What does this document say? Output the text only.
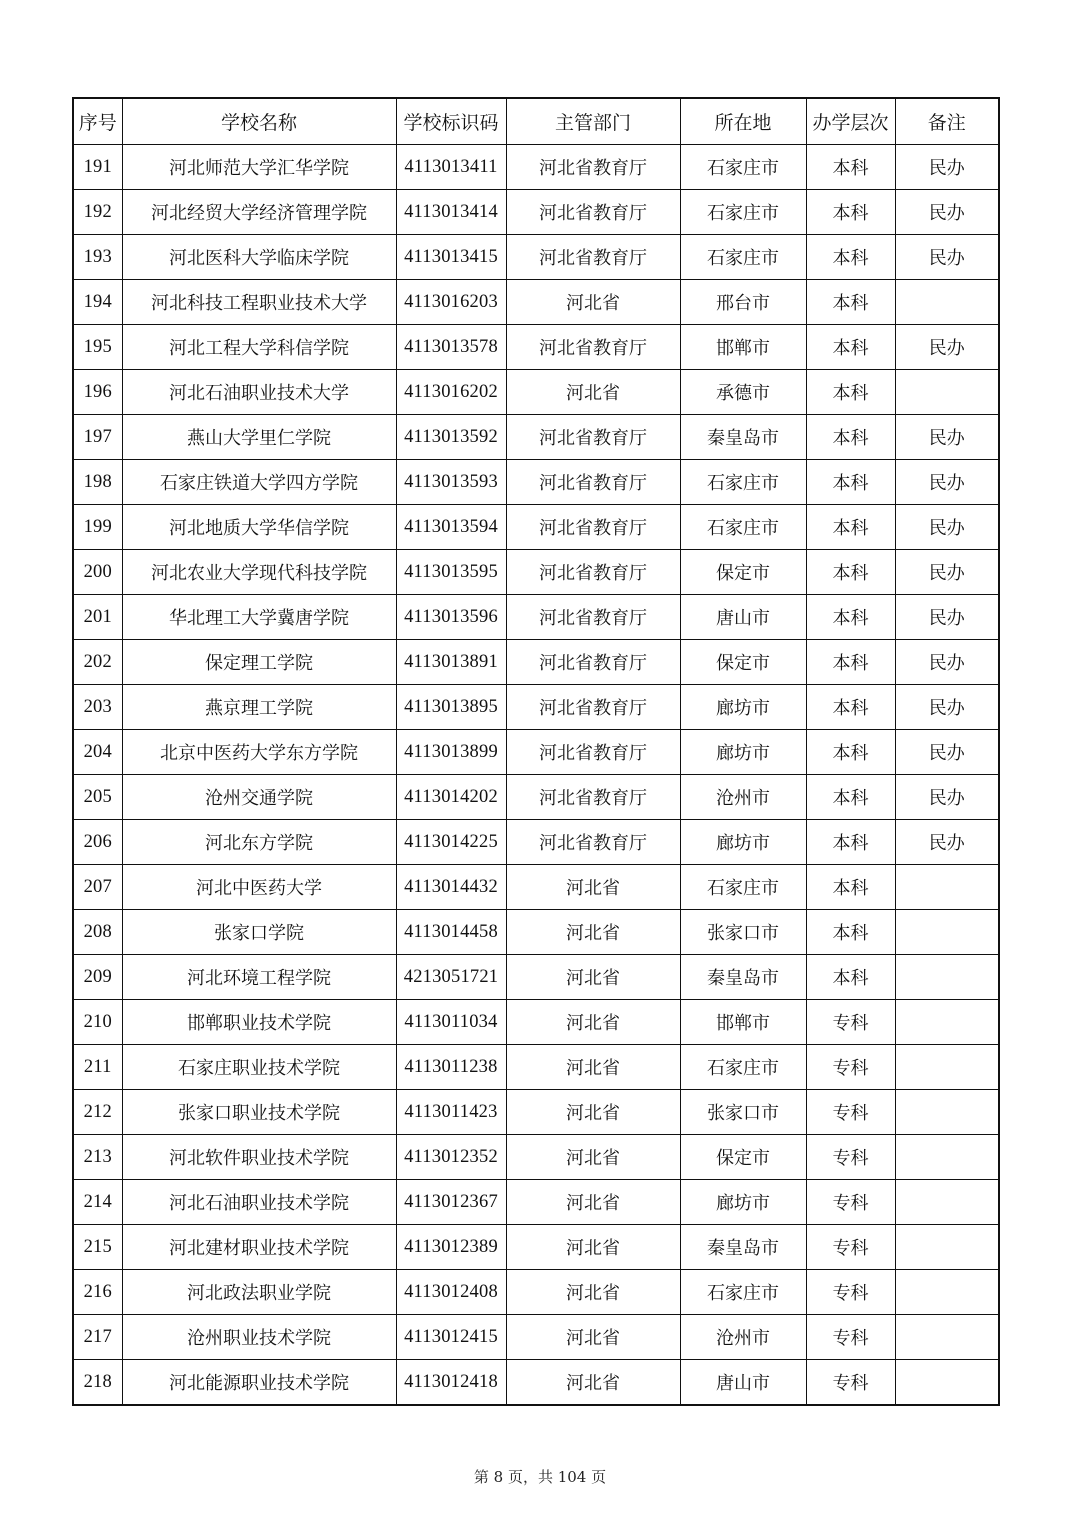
序号	学校名称	学校标识码	主管部门	所在地	办学层次	备注
191	河北师范大学汇华学院	4113013411	河北省教育厅	石家庄市	本科	民办
192	河北经贸大学经济管理学院	4113013414	河北省教育厅	石家庄市	本科	民办
193	河北医科大学临床学院	4113013415	河北省教育厅	石家庄市	本科	民办
194	河北科技工程职业技术大学	4113016203	河北省	邢台市	本科	
195	河北工程大学科信学院	4113013578	河北省教育厅	邯郸市	本科	民办
196	河北石油职业技术大学	4113016202	河北省	承德市	本科	
197	燕山大学里仁学院	4113013592	河北省教育厅	秦皇岛市	本科	民办
198	石家庄铁道大学四方学院	4113013593	河北省教育厅	石家庄市	本科	民办
199	河北地质大学华信学院	4113013594	河北省教育厅	石家庄市	本科	民办
200	河北农业大学现代科技学院	4113013595	河北省教育厅	保定市	本科	民办
201	华北理工大学冀唐学院	4113013596	河北省教育厅	唐山市	本科	民办
202	保定理工学院	4113013891	河北省教育厅	保定市	本科	民办
203	燕京理工学院	4113013895	河北省教育厅	廊坊市	本科	民办
204	北京中医药大学东方学院	4113013899	河北省教育厅	廊坊市	本科	民办
205	沧州交通学院	4113014202	河北省教育厅	沧州市	本科	民办
206	河北东方学院	4113014225	河北省教育厅	廊坊市	本科	民办
207	河北中医药大学	4113014432	河北省	石家庄市	本科	
208	张家口学院	4113014458	河北省	张家口市	本科	
209	河北环境工程学院	4213051721	河北省	秦皇岛市	本科	
210	邯郸职业技术学院	4113011034	河北省	邯郸市	专科	
211	石家庄职业技术学院	4113011238	河北省	石家庄市	专科	
212	张家口职业技术学院	4113011423	河北省	张家口市	专科	
213	河北软件职业技术学院	4113012352	河北省	保定市	专科	
214	河北石油职业技术学院	4113012367	河北省	廊坊市	专科	
215	河北建材职业技术学院	4113012389	河北省	秦皇岛市	专科	
216	河北政法职业学院	4113012408	河北省	石家庄市	专科	
217	沧州职业技术学院	4113012415	河北省	沧州市	专科	
218	河北能源职业技术学院	4113012418	河北省	唐山市	专科	
第 8 页，共 104 页
